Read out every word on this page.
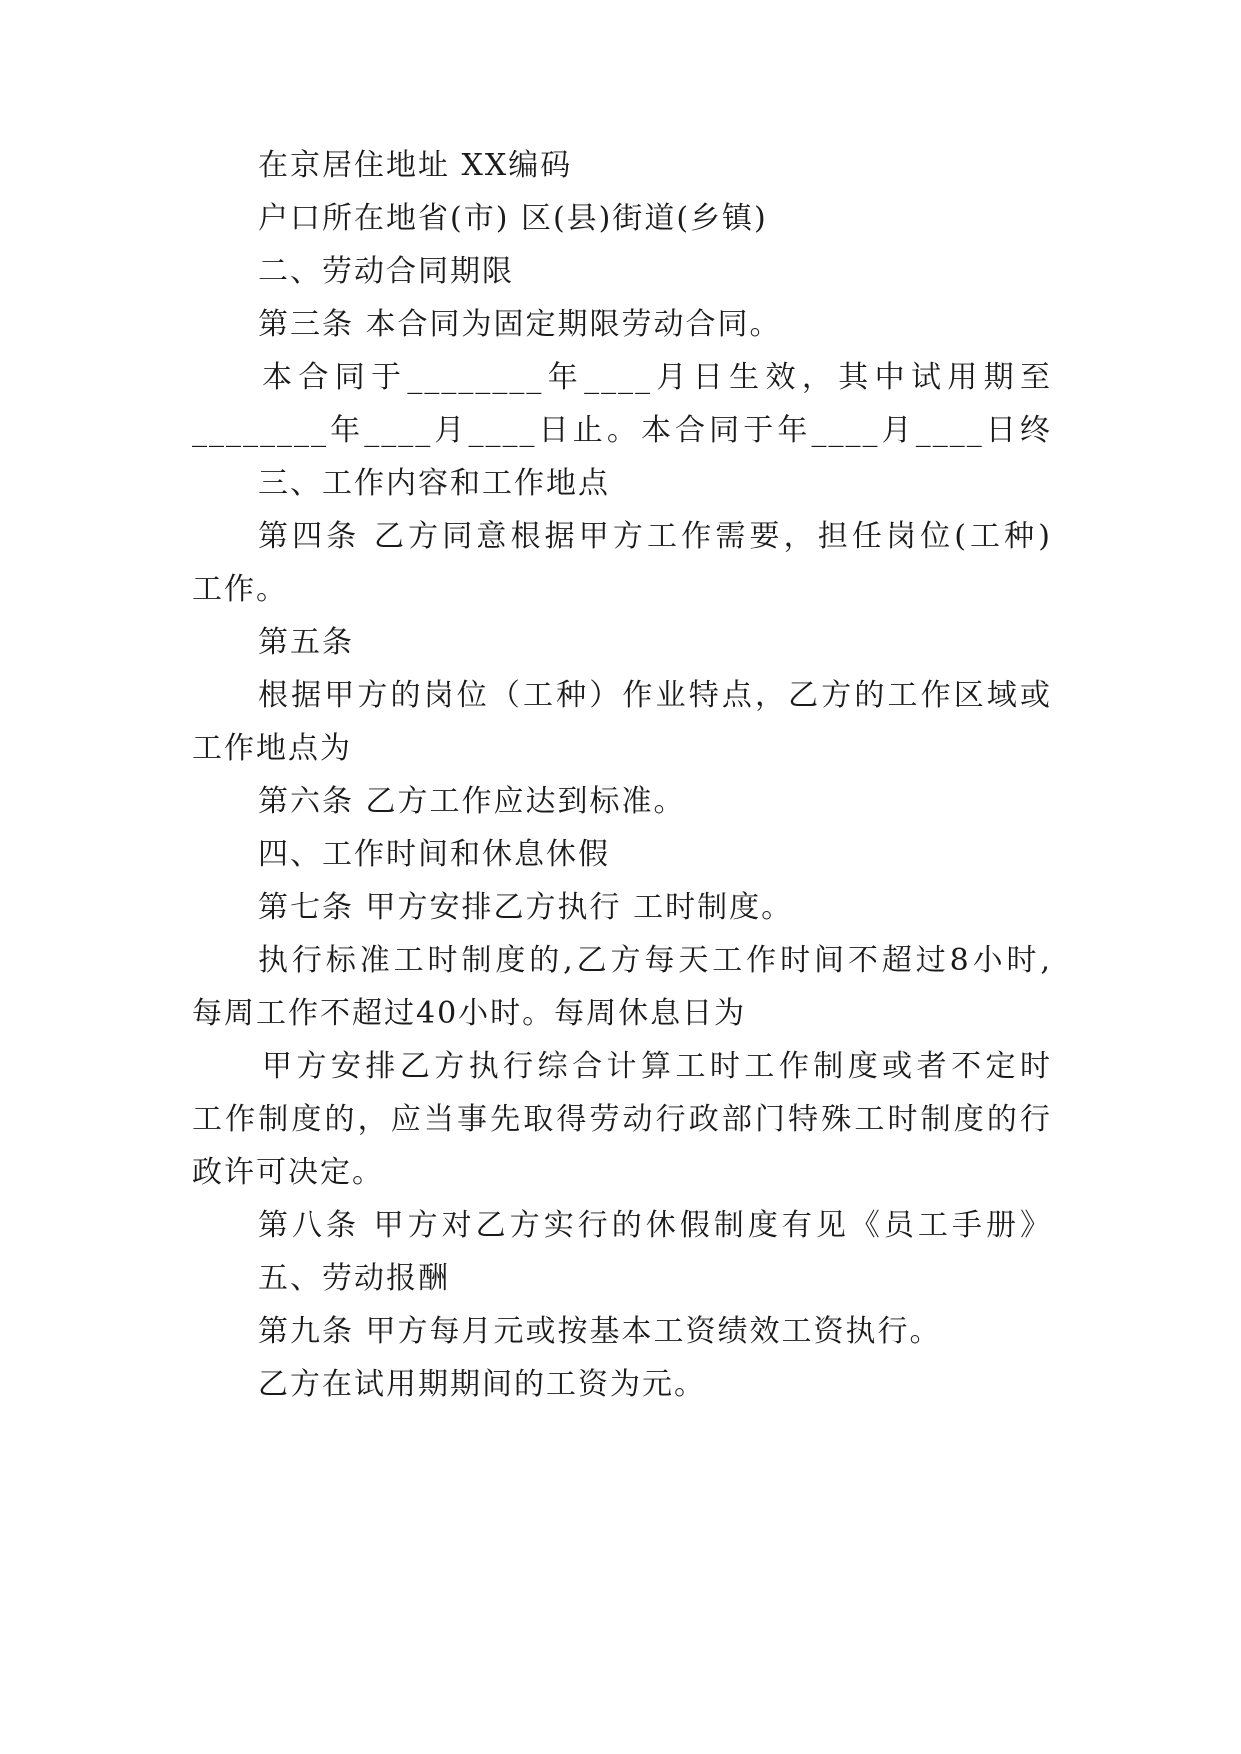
在京居住地址 XX编码
户口所在地省(市) 区(县)街道(乡镇)
二、劳动合同期限
第三条 本合同为固定期限劳动合同。
本合同于________年____月日生效，其中试用期至
________年____月____日止。本合同于年____月____日终
三、工作内容和工作地点
第四条 乙方同意根据甲方工作需要，担任岗位(工种)
工作。
第五条
根据甲方的岗位（工种）作业特点，乙方的工作区域或
工作地点为
第六条 乙方工作应达到标准。
四、工作时间和休息休假
第七条 甲方安排乙方执行 工时制度。
执行标准工时制度的,乙方每天工作时间不超过8小时,
每周工作不超过40小时。每周休息日为
甲方安排乙方执行综合计算工时工作制度或者不定时
工作制度的，应当事先取得劳动行政部门特殊工时制度的行
政许可决定。
第八条 甲方对乙方实行的休假制度有见《员工手册》
五、劳动报酬
第九条 甲方每月元或按基本工资绩效工资执行。
乙方在试用期期间的工资为元。
